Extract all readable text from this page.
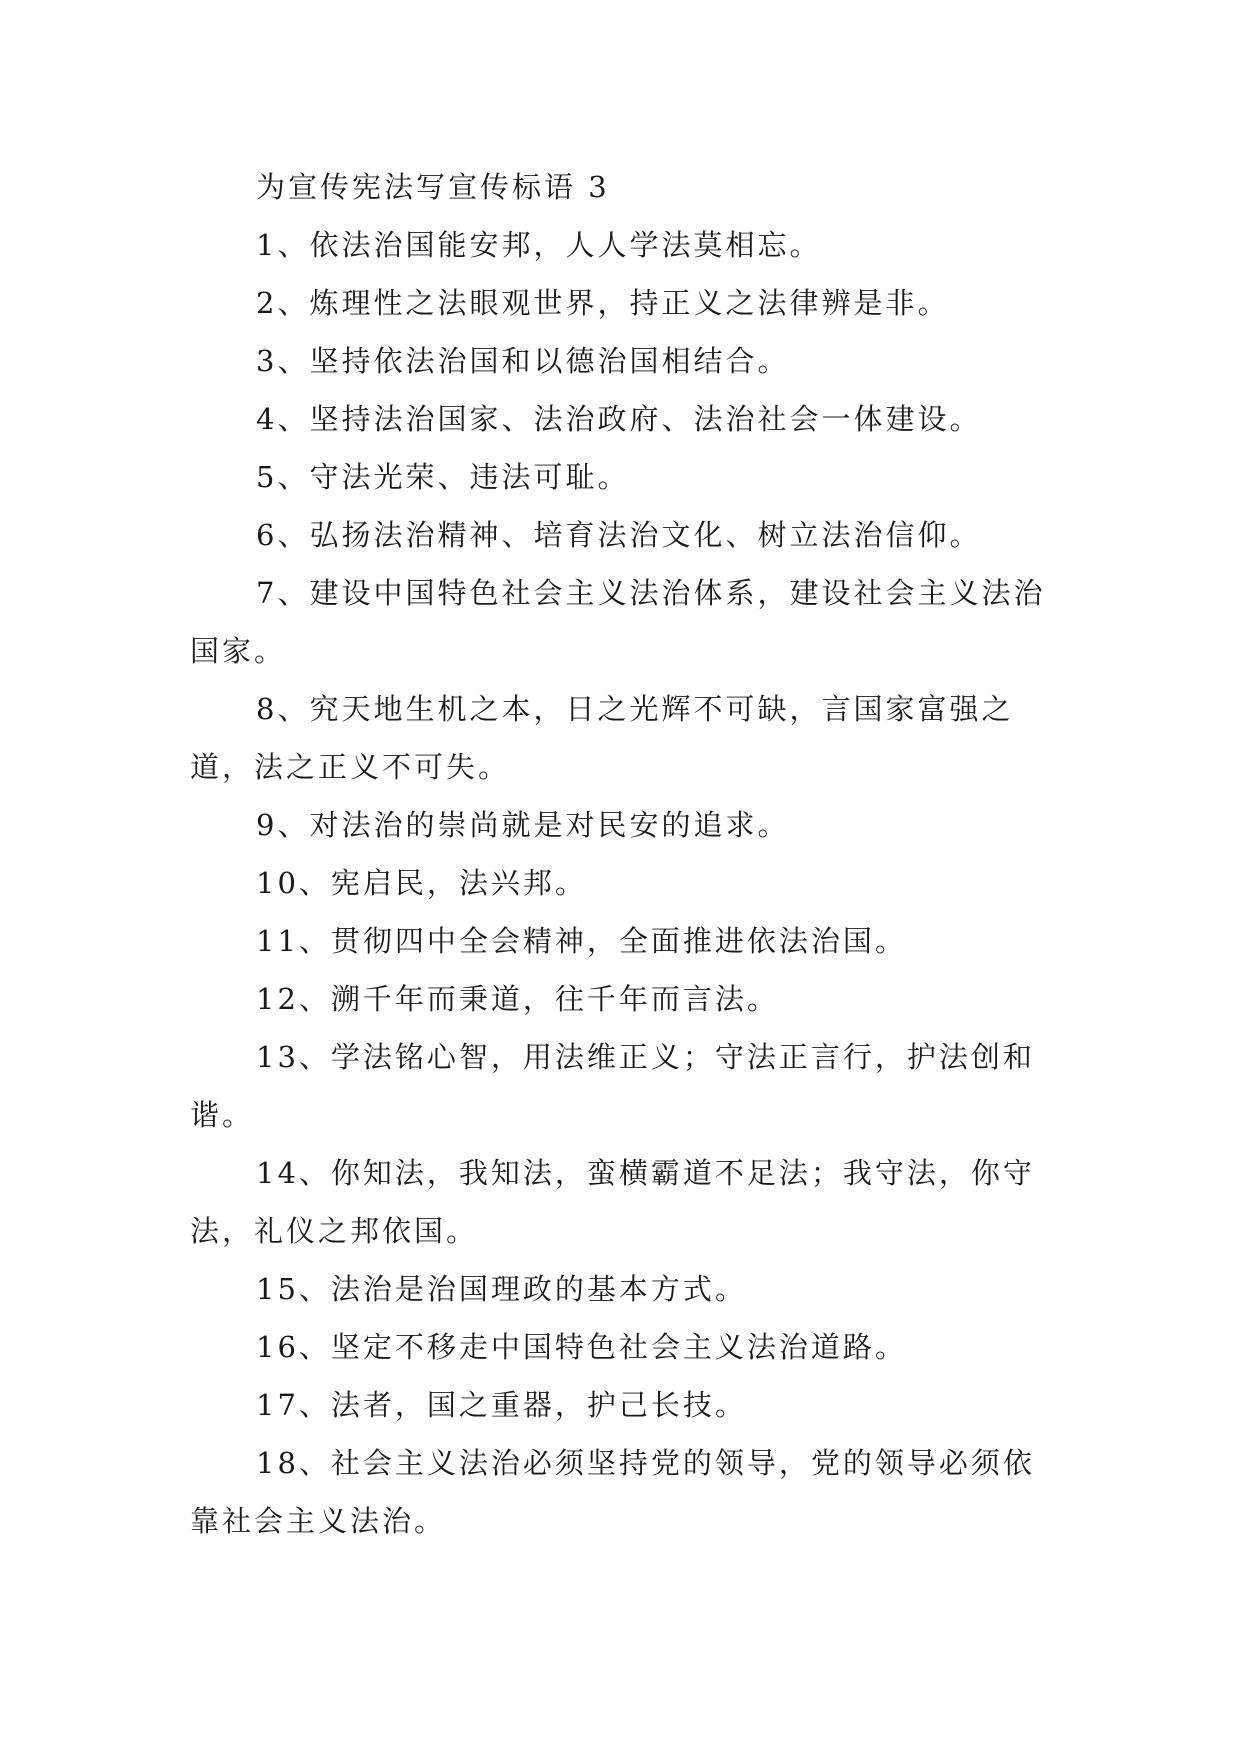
为宣传宪法写宣传标语 3

1、依法治国能安邦，人人学法莫相忘。

2、炼理性之法眼观世界，持正义之法律辨是非。

3、坚持依法治国和以德治国相结合。

4、坚持法治国家、法治政府、法治社会一体建设。

5、守法光荣、违法可耻。

6、弘扬法治精神、培育法治文化、树立法治信仰。

7、建设中国特色社会主义法治体系，建设社会主义法治国家。

8、究天地生机之本，日之光辉不可缺，言国家富强之道，法之正义不可失。

9、对法治的崇尚就是对民安的追求。

10、宪启民，法兴邦。

11、贯彻四中全会精神，全面推进依法治国。

12、溯千年而秉道，往千年而言法。

13、学法铭心智，用法维正义；守法正言行，护法创和谐。

14、你知法，我知法，蛮横霸道不足法；我守法，你守法，礼仪之邦依国。

15、法治是治国理政的基本方式。

16、坚定不移走中国特色社会主义法治道路。

17、法者，国之重器，护己长技。

18、社会主义法治必须坚持党的领导，党的领导必须依靠社会主义法治。
